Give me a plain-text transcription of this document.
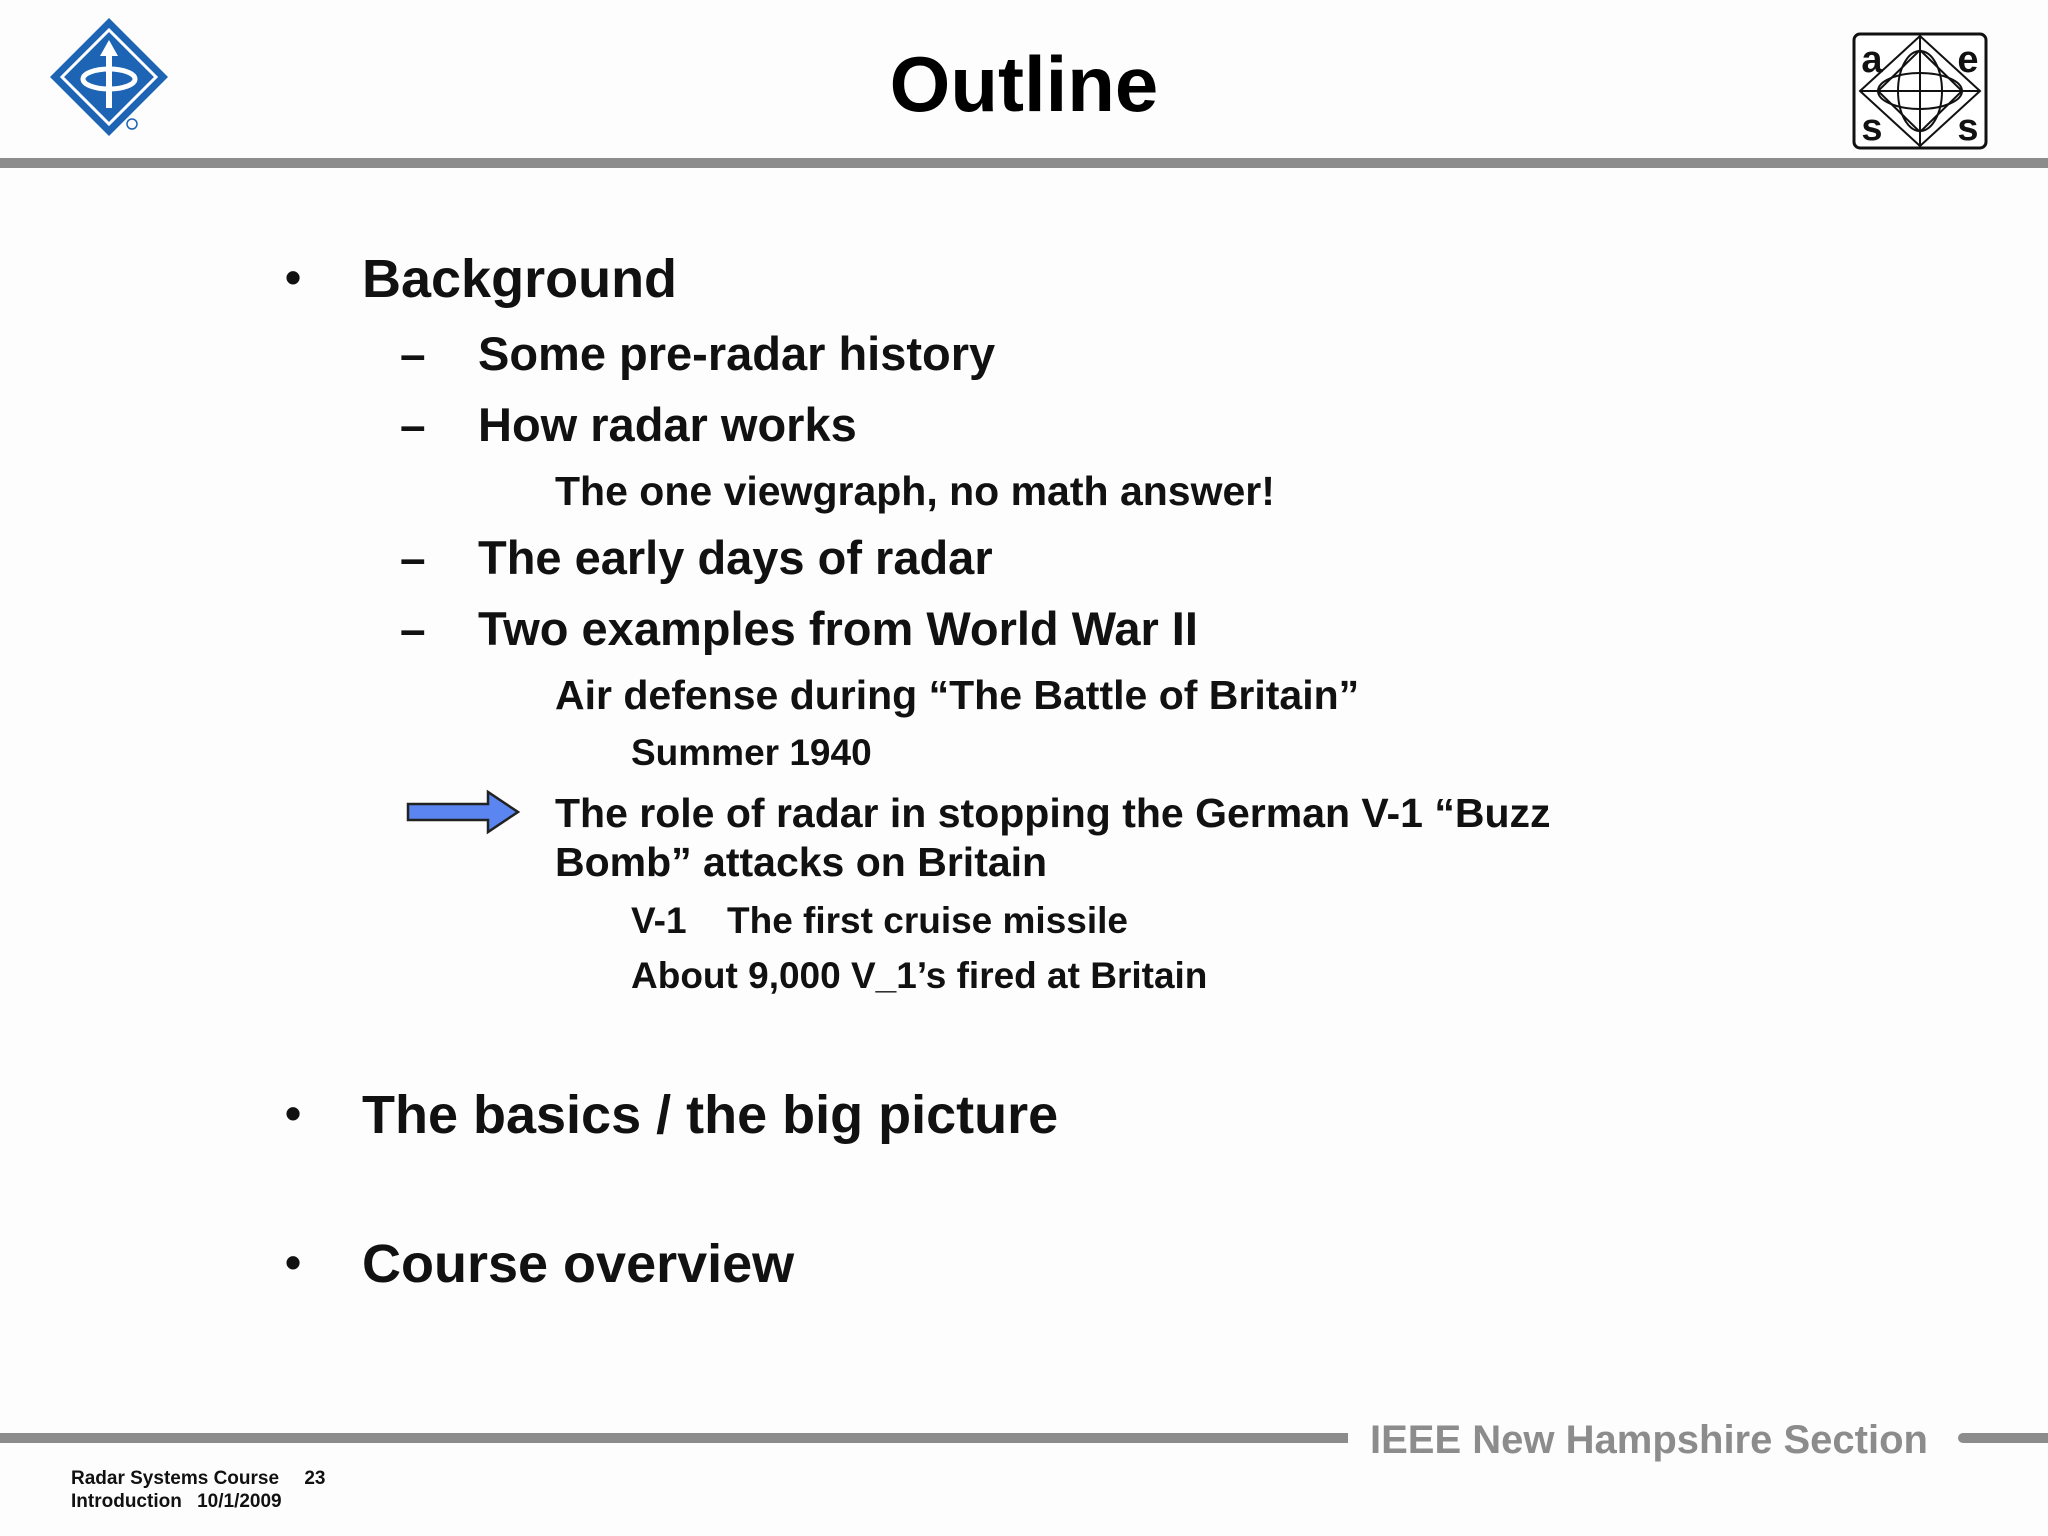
Outline	a e
s s
• Background
– Some pre-radar history
– How radar works
The one viewgraph, no math answer!
– The early days of radar
– Two examples from World War II
Air defense during “The Battle of Britain”
Summer 1940
The role of radar in stopping the German V-1 “Buzz
Bomb” attacks on Britain
V-1 The first cruise missile
About 9,000 V_1’s fired at Britain
• The basics / the big picture
• Course overview
IEEE New Hampshire Section
Radar Systems Course 23
Introduction 10/1/2009
